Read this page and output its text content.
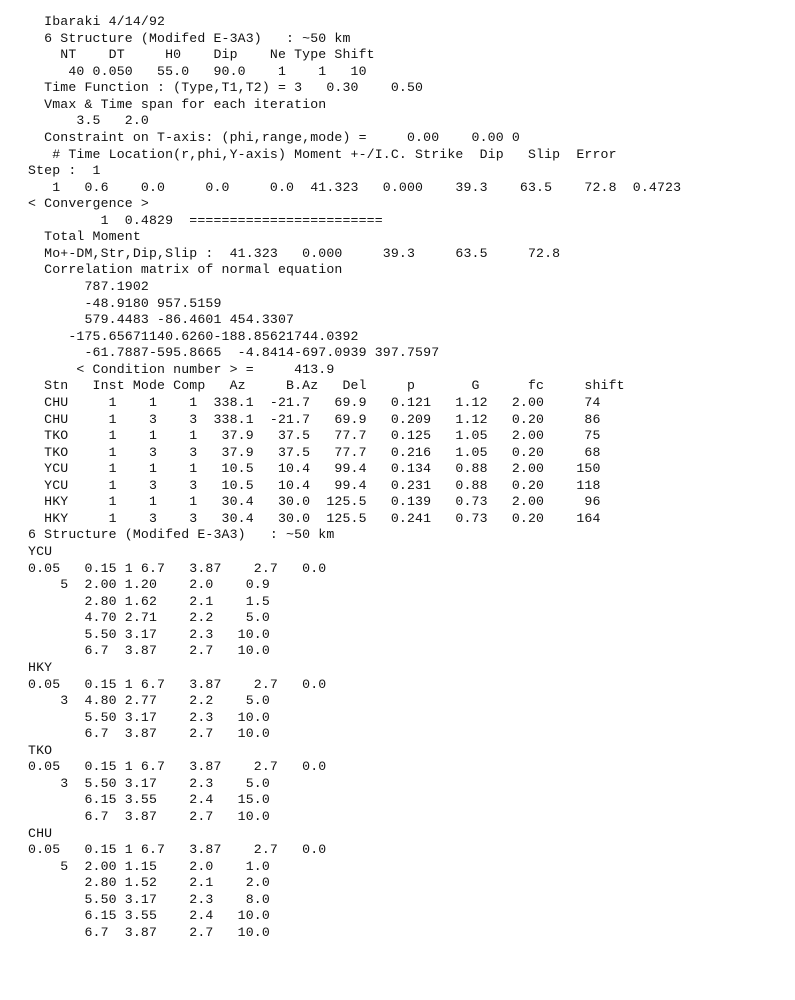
Ibaraki 4/14/92
6 Structure (Modifed E-3A3)   : ~50 km
NT    DT     H0    Dip    Ne Type Shift
40 0.050   55.0   90.0    1    1   10
Time Function : (Type,T1,T2) = 3   0.30    0.50
Vmax & Time span for each iteration
3.5   2.0
Constraint on T-axis: (phi,range,mode) =     0.00    0.00 0
# Time Location(r,phi,Y-axis) Moment +-/I.C. Strike  Dip   Slip  Error
Step :  1
1   0.6    0.0     0.0     0.0  41.323   0.000    39.3    63.5    72.8  0.4723
< Convergence >
1  0.4829  ========================
Total Moment
Mo+-DM,Str,Dip,Slip :  41.323   0.000     39.3     63.5     72.8
Correlation matrix of normal equation
787.1902
-48.9180 957.5159
579.4483 -86.4601 454.3307
-175.65671140.6260-188.85621744.0392
-61.7887-595.8665  -4.8414-697.0939 397.7597
< Condition number > =     413.9
Stn   Inst Mode Comp   Az     B.Az   Del     p       G      fc     shift
CHU     1    1    1  338.1  -21.7   69.9   0.121   1.12   2.00     74
CHU     1    3    3  338.1  -21.7   69.9   0.209   1.12   0.20     86
TKO     1    1    1   37.9   37.5   77.7   0.125   1.05   2.00     75
TKO     1    3    3   37.9   37.5   77.7   0.216   1.05   0.20     68
YCU     1    1    1   10.5   10.4   99.4   0.134   0.88   2.00    150
YCU     1    3    3   10.5   10.4   99.4   0.231   0.88   0.20    118
HKY     1    1    1   30.4   30.0  125.5   0.139   0.73   2.00     96
HKY     1    3    3   30.4   30.0  125.5   0.241   0.73   0.20    164
6 Structure (Modifed E-3A3)   : ~50 km
YCU
0.05   0.15 1 6.7   3.87    2.7   0.0
5  2.00 1.20    2.0    0.9
2.80 1.62    2.1    1.5
4.70 2.71    2.2    5.0
5.50 3.17    2.3   10.0
6.7  3.87    2.7   10.0
HKY
0.05   0.15 1 6.7   3.87    2.7   0.0
3  4.80 2.77    2.2    5.0
5.50 3.17    2.3   10.0
6.7  3.87    2.7   10.0
TKO
0.05   0.15 1 6.7   3.87    2.7   0.0
3  5.50 3.17    2.3    5.0
6.15 3.55    2.4   15.0
6.7  3.87    2.7   10.0
CHU
0.05   0.15 1 6.7   3.87    2.7   0.0
5  2.00 1.15    2.0    1.0
2.80 1.52    2.1    2.0
5.50 3.17    2.3    8.0
6.15 3.55    2.4   10.0
6.7  3.87    2.7   10.0
